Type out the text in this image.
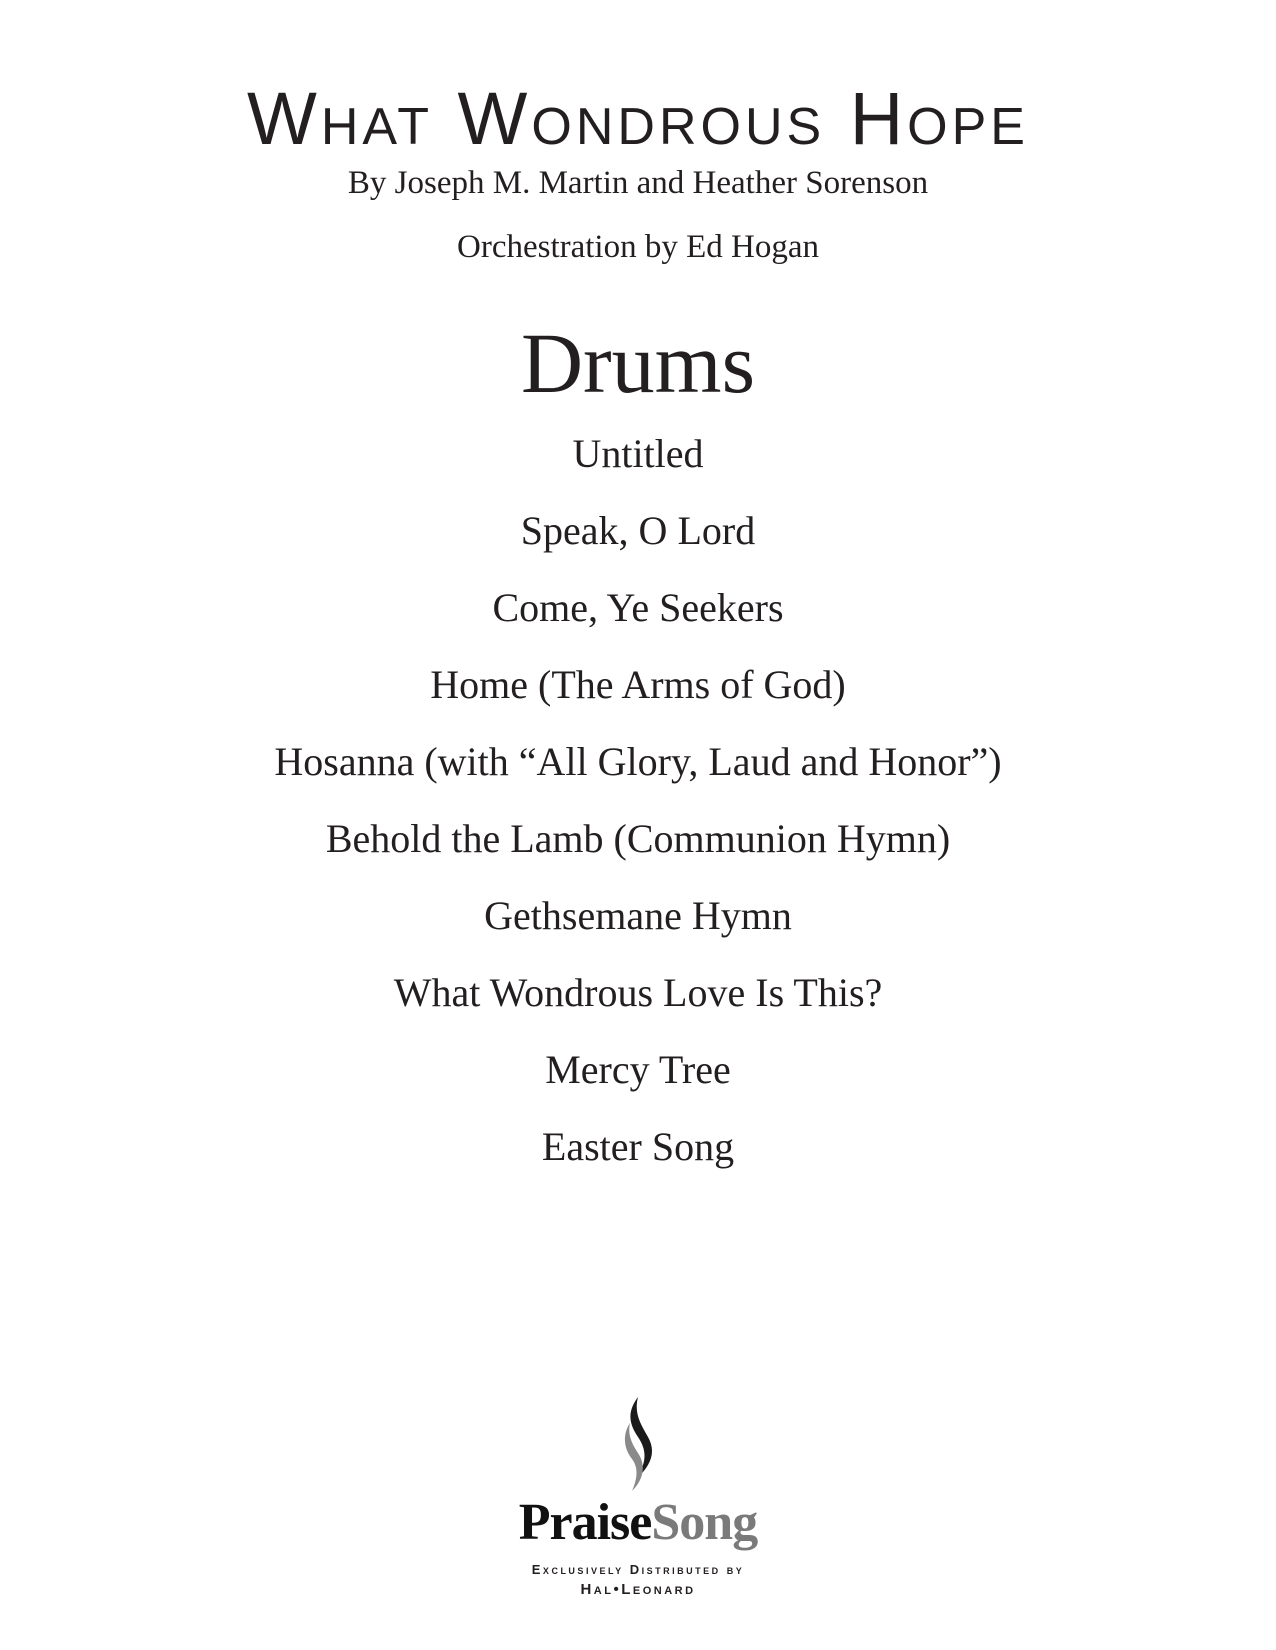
What Wondrous Hope
By Joseph M. Martin and Heather Sorenson
Orchestration by Ed Hogan
Drums
Untitled
Speak, O Lord
Come, Ye Seekers
Home (The Arms of God)
Hosanna (with “All Glory, Laud and Honor”)
Behold the Lamb (Communion Hymn)
Gethsemane Hymn
What Wondrous Love Is This?
Mercy Tree
Easter Song
PraiseSong
Exclusively Distributed by
Hal•Leonard
